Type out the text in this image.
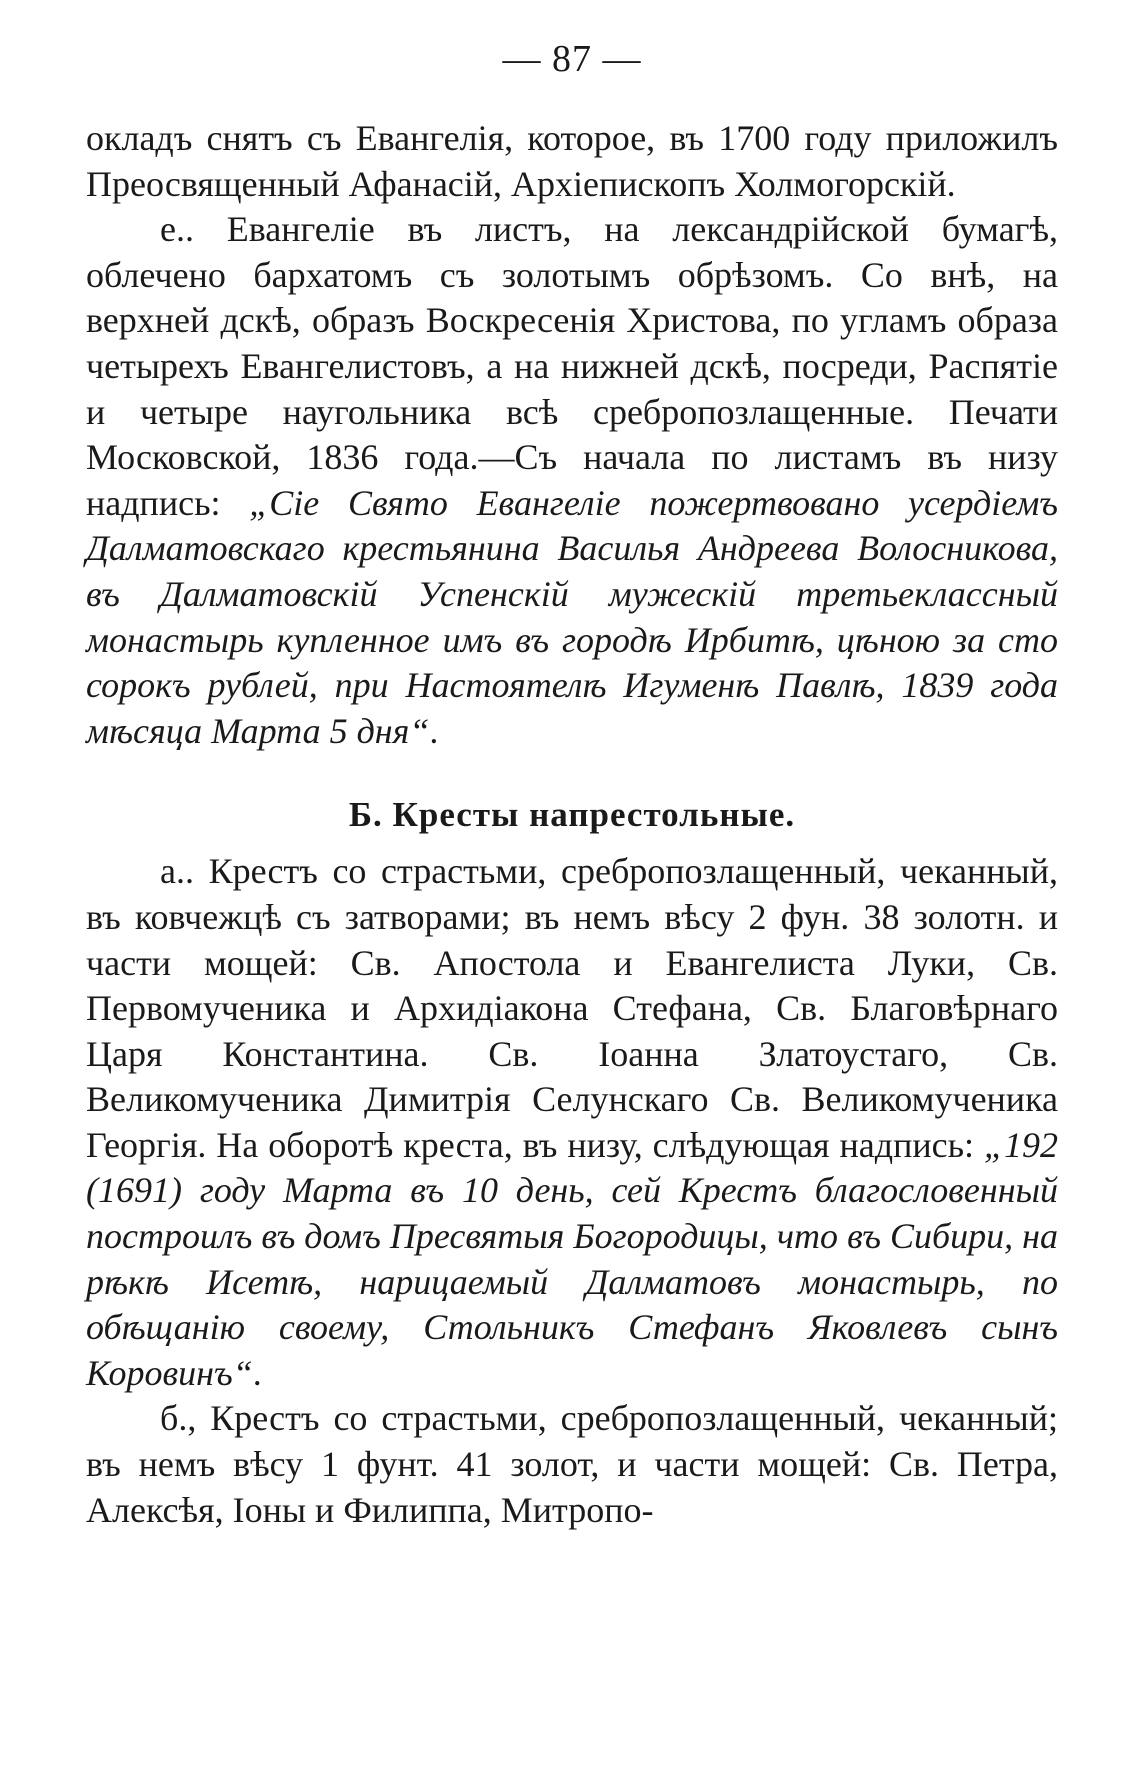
— 87 —

окладъ снятъ съ Евангелія, которое, въ 1700 году приложилъ Преосвященный Афанасій, Архіепископъ Холмогорскій.

е.. Евангеліе въ листъ, на лександрійской бумагѣ, облечено бархатомъ съ золотымъ обрѣзомъ. Со внѣ, на верхней дскѣ, образъ Воскресенія Христова, по угламъ образа четырехъ Евангелистовъ, а на нижней дскѣ, посреди, Распятіе и четыре наугольника всѣ сребропозлащенные. Печати Московской, 1836 года.—Съ начала по листамъ въ низу надпись: „Сіе Свято Евангеліе пожертвовано усердіемъ Далматовскаго крестьянина Василья Андреева Волосникова, въ Далматовскій Успенскій мужескій третьеклассный монастырь купленное имъ въ городѣ Ирбитѣ, цѣною за сто сорокъ рублей, при Настоятелѣ Игуменѣ Павлѣ, 1839 года мѣсяца Марта 5 дня“.

Б. Кресты напрестольные.

а.. Крестъ со страстьми, сребропозлащенный, чеканный, въ ковчежцѣ съ затворами; въ немъ вѣсу 2 фун. 38 золотн. и части мощей: Св. Апостола и Евангелиста Луки, Св. Первомученика и Архидіакона Стефана, Св. Благовѣрнаго Царя Константина. Св. Іоанна Златоустаго, Св. Великомученика Димитрія Селунскаго Св. Великомученика Георгія. На оборотѣ креста, въ низу, слѣдующая надпись: „192 (1691) году Марта въ 10 день, сей Крестъ благословенный построилъ въ домъ Пресвятыя Богородицы, что въ Сибири, на рѣкѣ Исетѣ, нарицаемый Далматовъ монастырь, по обѣщанію своему, Стольникъ Стефанъ Яковлевъ сынъ Коровинъ“.

б., Крестъ со страстьми, сребропозлащенный, чеканный; въ немъ вѣсу 1 фунт. 41 золот, и части мощей: Св. Петра, Алексѣя, Іоны и Филиппа, Митропо-
